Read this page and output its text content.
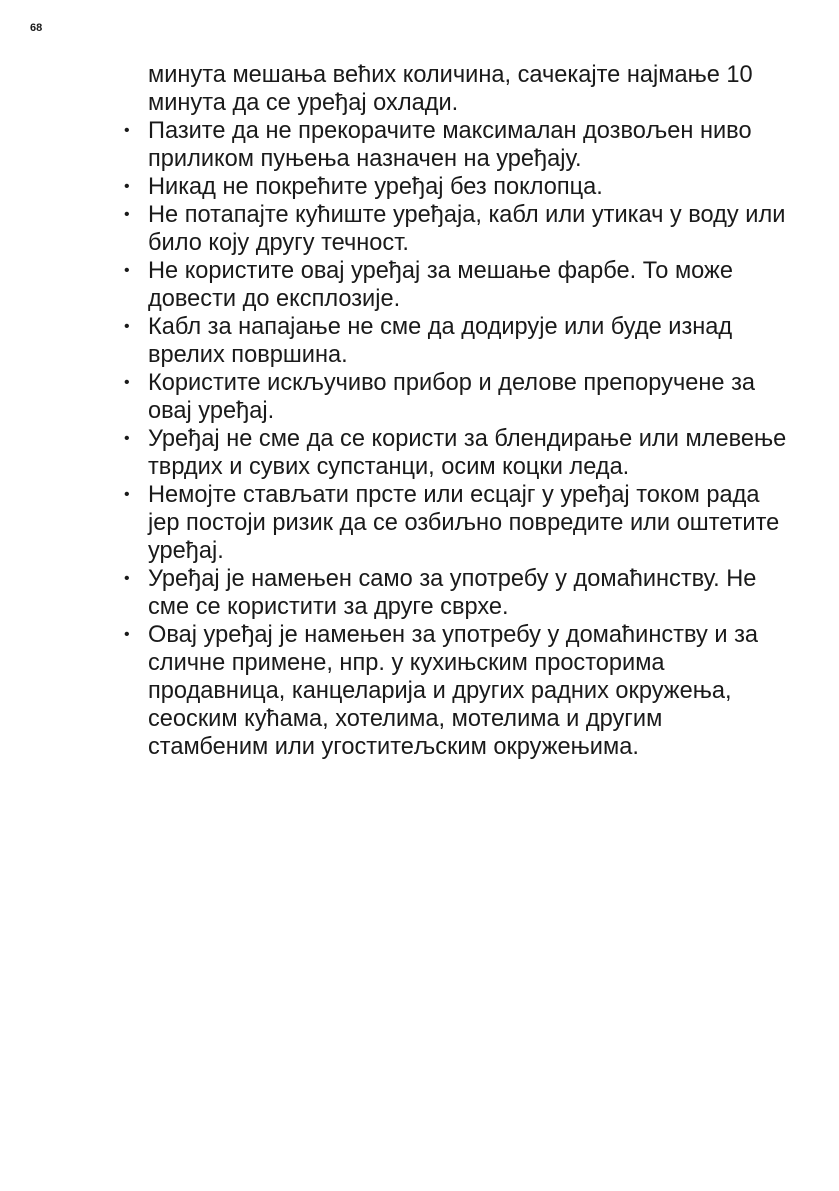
68

минута мешања већих количина, сачекајте најмање 10 минута да се уређај охлади.

• Пазите да не прекорачите максималан дозвољен ниво приликом пуњења назначен на уређају.
• Никад не покрећите уређај без поклопца.
• Не потапајте кућиште уређаја, кабл или утикач у воду или било коју другу течност.
• Не користите овај уређај за мешање фарбе. То може довести до експлозије.
• Кабл за напајање не сме да додирује или буде изнад врелих површина.
• Користите искључиво прибор и делове препоручене за овај уређај.
• Уређај не сме да се користи за блендирање или млевење тврдих и сувих супстанци, осим коцки леда.
• Немојте стављати прсте или есцајг у уређај током рада јер постоји ризик да се озбиљно повредите или оштетите уређај.
• Уређај је намењен само за употребу у домаћинству. Не сме се користити за друге сврхе.
• Овај уређај је намењен за употребу у домаћинству и за сличне примене, нпр. у кухињским просторима продавница, канцеларија и других радних окружења, сеоским кућама, хотелима, мотелима и другим стамбеним или угоститељским окружењима.
